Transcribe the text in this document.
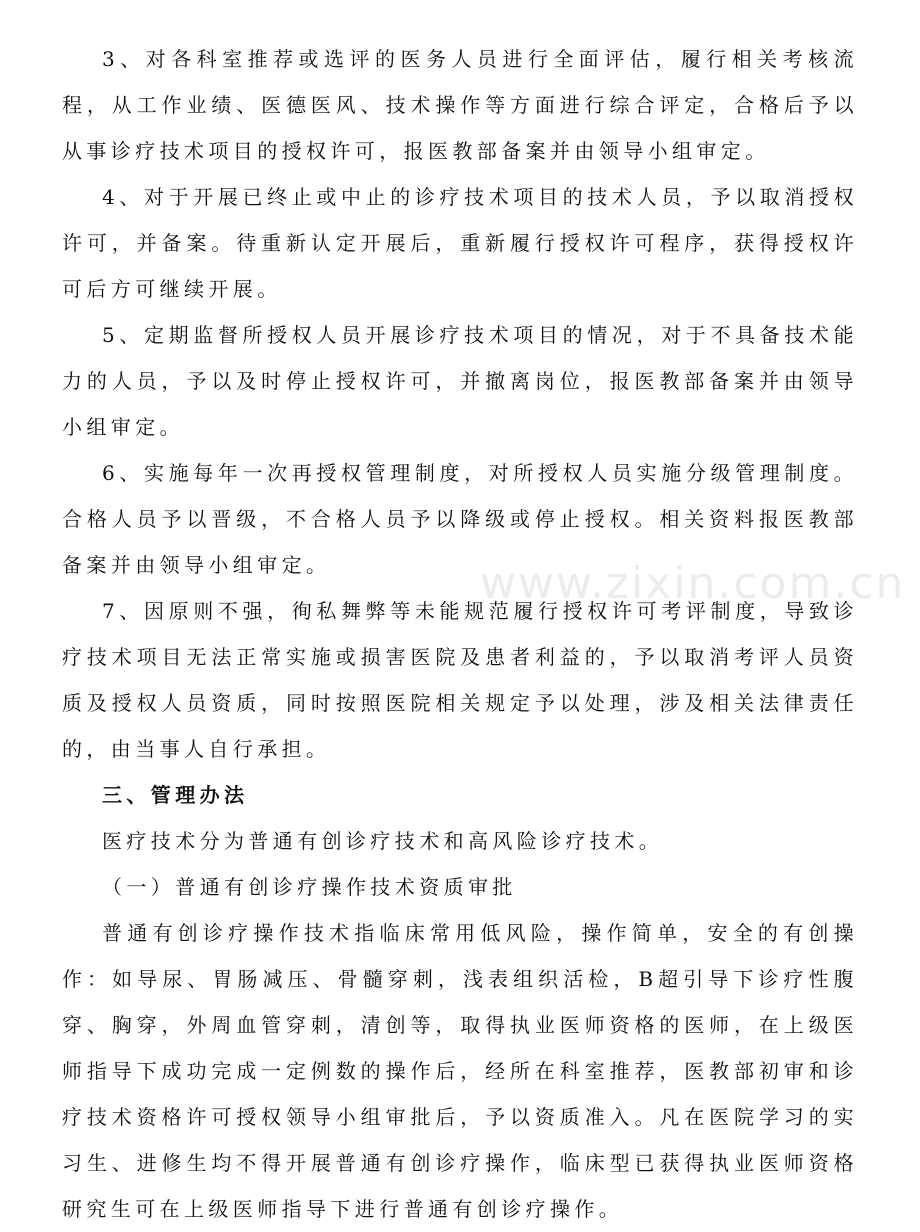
3、对各科室推荐或选评的医务人员进行全面评估，履行相关考核流程，从工作业绩、医德医风、技术操作等方面进行综合评定，合格后予以从事诊疗技术项目的授权许可，报医教部备案并由领导小组审定。

4、对于开展已终止或中止的诊疗技术项目的技术人员，予以取消授权许可，并备案。待重新认定开展后，重新履行授权许可程序，获得授权许可后方可继续开展。

5、定期监督所授权人员开展诊疗技术项目的情况，对于不具备技术能力的人员，予以及时停止授权许可，并撤离岗位，报医教部备案并由领导小组审定。

6、实施每年一次再授权管理制度，对所授权人员实施分级管理制度。合格人员予以晋级，不合格人员予以降级或停止授权。相关资料报医教部备案并由领导小组审定。

7、因原则不强，徇私舞弊等未能规范履行授权许可考评制度，导致诊疗技术项目无法正常实施或损害医院及患者利益的，予以取消考评人员资质及授权人员资质，同时按照医院相关规定予以处理，涉及相关法律责任的，由当事人自行承担。

三、管理办法

医疗技术分为普通有创诊疗技术和高风险诊疗技术。

（一）普通有创诊疗操作技术资质审批

普通有创诊疗操作技术指临床常用低风险，操作简单，安全的有创操作：如导尿、胃肠减压、骨髓穿刺，浅表组织活检，B超引导下诊疗性腹穿、胸穿，外周血管穿刺，清创等，取得执业医师资格的医师，在上级医师指导下成功完成一定例数的操作后，经所在科室推荐，医教部初审和诊疗技术资格许可授权领导小组审批后，予以资质准入。凡在医院学习的实习生、进修生均不得开展普通有创诊疗操作，临床型已获得执业医师资格研究生可在上级医师指导下进行普通有创诊疗操作。

www.zixin.com.cn
